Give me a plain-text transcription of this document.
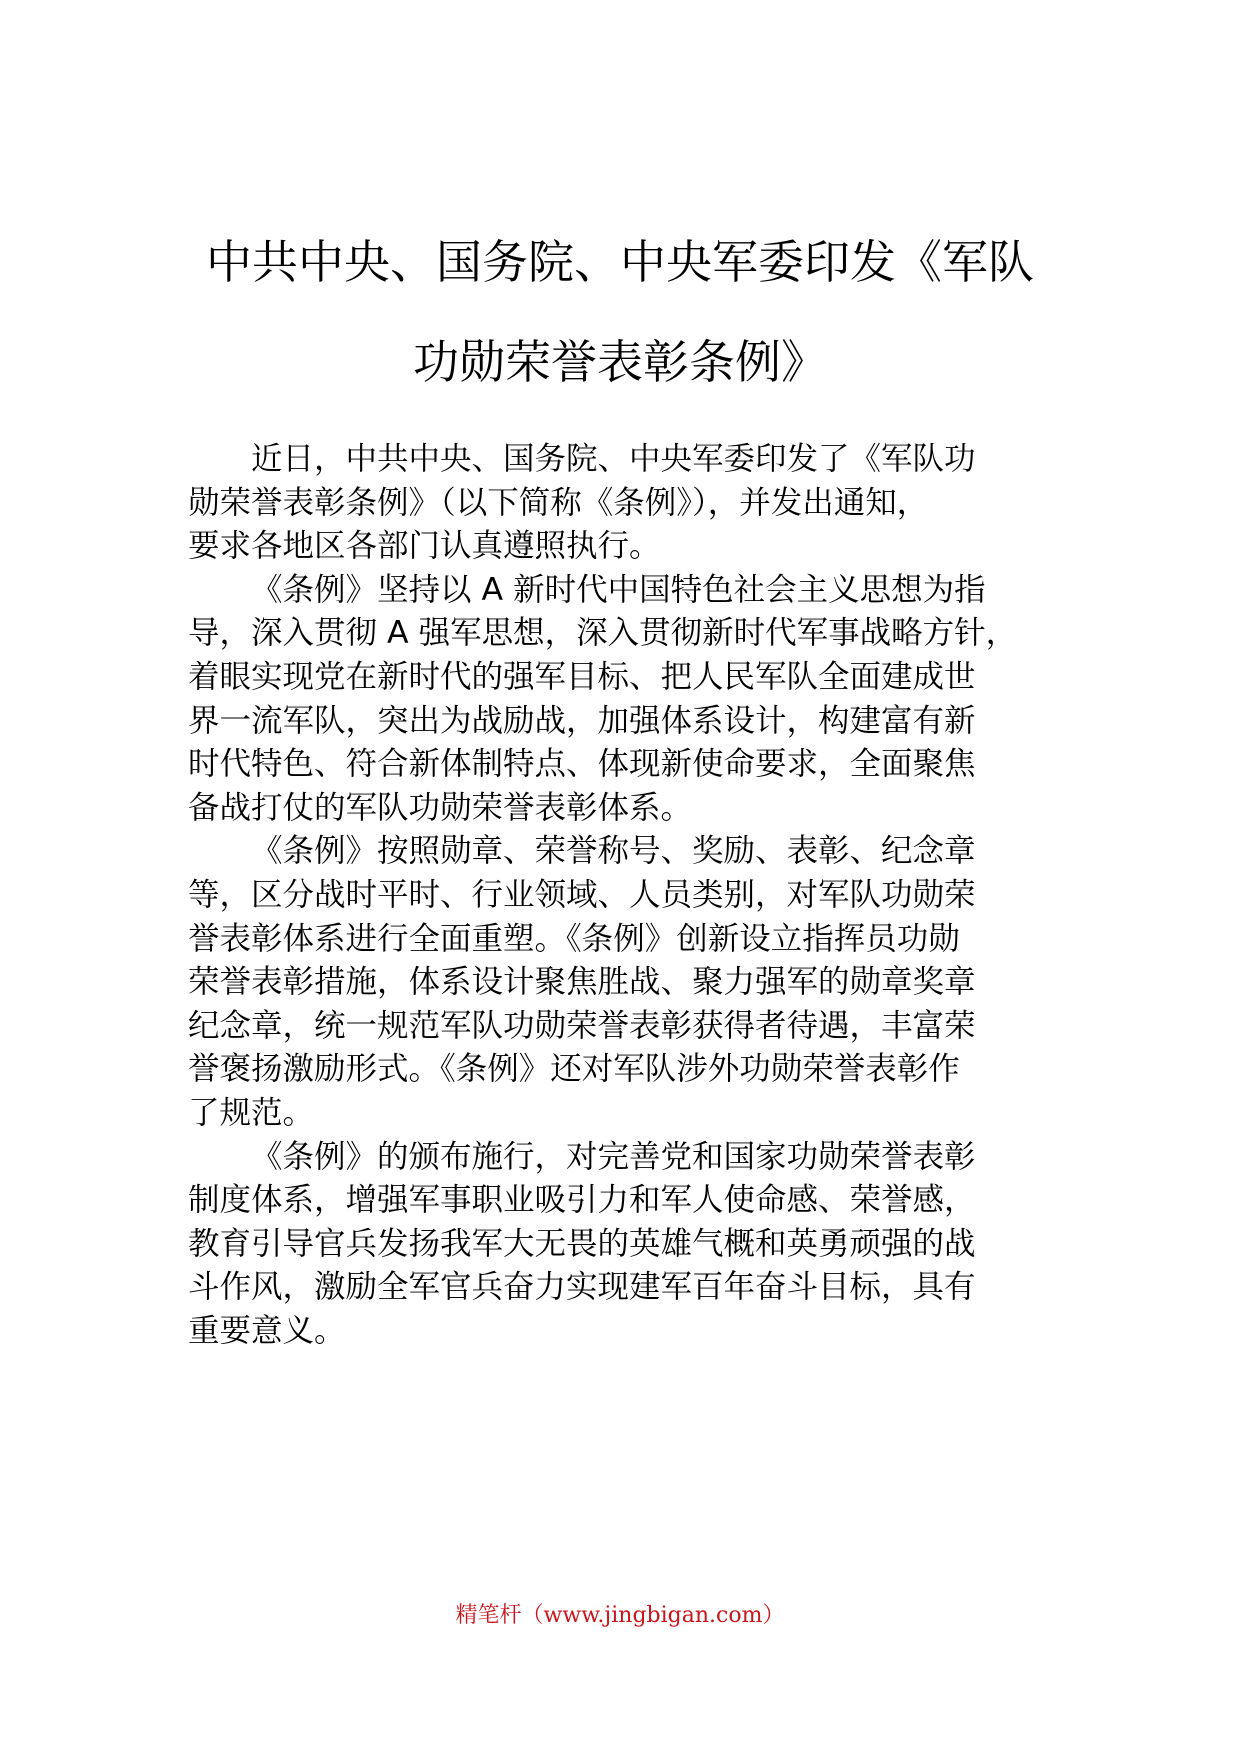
中共中央、国务院、中央军委印发《军队
功勋荣誉表彰条例》

近日，中共中央、国务院、中央军委印发了《军队功
勋荣誉表彰条例》（以下简称《条例》），并发出通知，
要求各地区各部门认真遵照执行。

《条例》坚持以 A 新时代中国特色社会主义思想为指
导，深入贯彻 A 强军思想，深入贯彻新时代军事战略方针，
着眼实现党在新时代的强军目标、把人民军队全面建成世
界一流军队，突出为战励战，加强体系设计，构建富有新
时代特色、符合新体制特点、体现新使命要求，全面聚焦
备战打仗的军队功勋荣誉表彰体系。

《条例》按照勋章、荣誉称号、奖励、表彰、纪念章
等，区分战时平时、行业领域、人员类别，对军队功勋荣
誉表彰体系进行全面重塑。《条例》创新设立指挥员功勋
荣誉表彰措施，体系设计聚焦胜战、聚力强军的勋章奖章
纪念章，统一规范军队功勋荣誉表彰获得者待遇，丰富荣
誉褒扬激励形式。《条例》还对军队涉外功勋荣誉表彰作
了规范。

《条例》的颁布施行，对完善党和国家功勋荣誉表彰
制度体系，增强军事职业吸引力和军人使命感、荣誉感，
教育引导官兵发扬我军大无畏的英雄气概和英勇顽强的战
斗作风，激励全军官兵奋力实现建军百年奋斗目标，具有
重要意义。

精笔杆（www.jingbigan.com）
